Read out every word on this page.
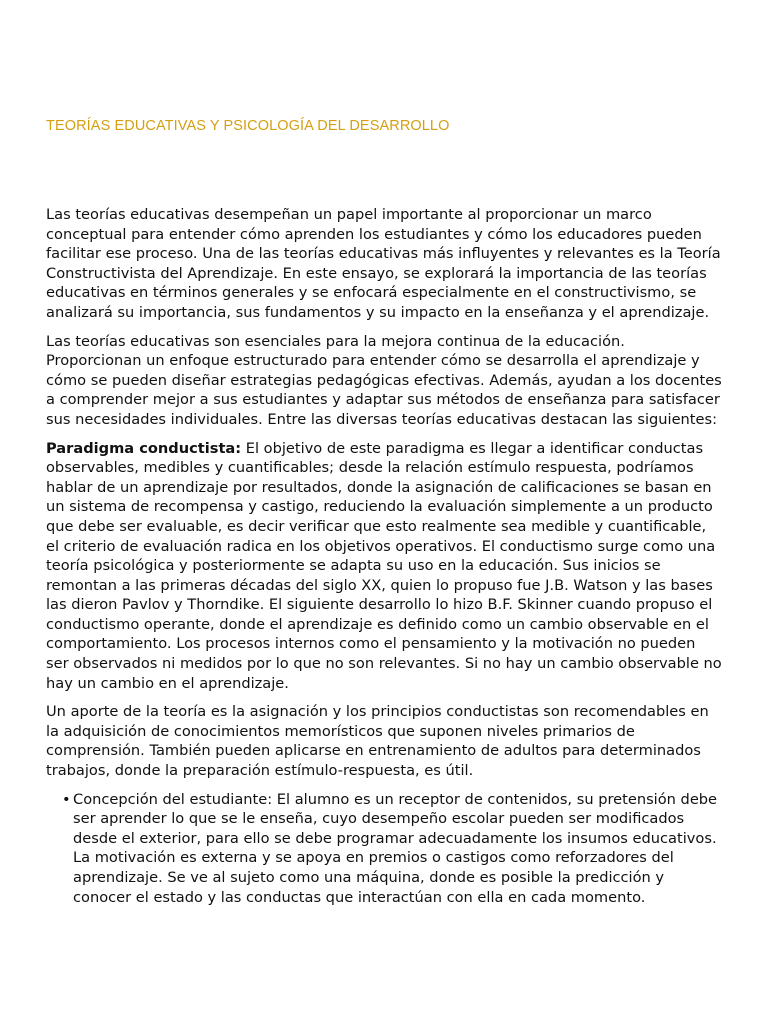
TEORÍAS EDUCATIVAS Y PSICOLOGÍA DEL DESARROLLO

Las teorías educativas desempeñan un papel importante al proporcionar un marco conceptual para entender cómo aprenden los estudiantes y cómo los educadores pueden facilitar ese proceso. Una de las teorías educativas más influyentes y relevantes es la Teoría Constructivista del Aprendizaje. En este ensayo, se explorará la importancia de las teorías educativas en términos generales y se enfocará especialmente en el constructivismo, se analizará su importancia, sus fundamentos y su impacto en la enseñanza y el aprendizaje.

Las teorías educativas son esenciales para la mejora continua de la educación. Proporcionan un enfoque estructurado para entender cómo se desarrolla el aprendizaje y cómo se pueden diseñar estrategias pedagógicas efectivas. Además, ayudan a los docentes a comprender mejor a sus estudiantes y adaptar sus métodos de enseñanza para satisfacer sus necesidades individuales. Entre las diversas teorías educativas destacan las siguientes:

Paradigma conductista: El objetivo de este paradigma es llegar a identificar conductas observables, medibles y cuantificables; desde la relación estímulo respuesta, podríamos hablar de un aprendizaje por resultados, donde la asignación de calificaciones se basan en un sistema de recompensa y castigo, reduciendo la evaluación simplemente a un producto que debe ser evaluable, es decir verificar que esto realmente sea medible y cuantificable, el criterio de evaluación radica en los objetivos operativos. El conductismo surge como una teoría psicológica y posteriormente se adapta su uso en la educación. Sus inicios se remontan a las primeras décadas del siglo XX, quien lo propuso fue J.B. Watson y las bases las dieron Pavlov y Thorndike. El siguiente desarrollo lo hizo B.F. Skinner cuando propuso el conductismo operante, donde el aprendizaje es definido como un cambio observable en el comportamiento. Los procesos internos como el pensamiento y la motivación no pueden ser observados ni medidos por lo que no son relevantes. Si no hay un cambio observable no hay un cambio en el aprendizaje.

Un aporte de la teoría es la asignación y los principios conductistas son recomendables en la adquisición de conocimientos memorísticos que suponen niveles primarios de comprensión. También pueden aplicarse en entrenamiento de adultos para determinados trabajos, donde la preparación estímulo-respuesta, es útil.

• Concepción del estudiante: El alumno es un receptor de contenidos, su pretensión debe ser aprender lo que se le enseña, cuyo desempeño escolar pueden ser modificados desde el exterior, para ello se debe programar adecuadamente los insumos educativos. La motivación es externa y se apoya en premios o castigos como reforzadores del aprendizaje. Se ve al sujeto como una máquina, donde es posible la predicción y conocer el estado y las conductas que interactúan con ella en cada momento.
